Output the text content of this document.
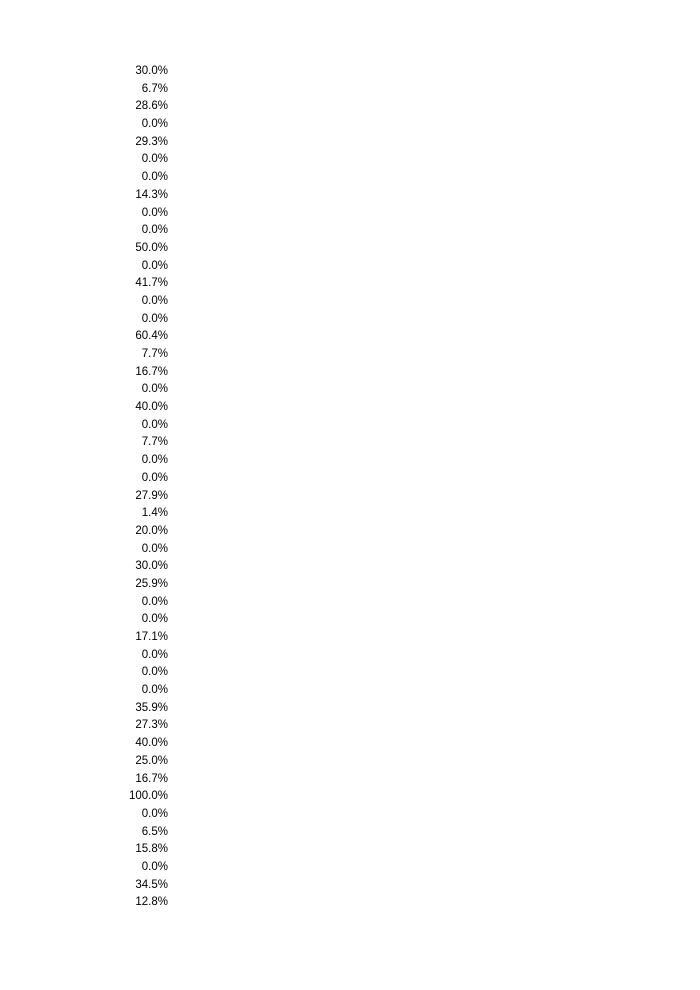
30.0%
6.7%
28.6%
0.0%
29.3%
0.0%
0.0%
14.3%
0.0%
0.0%
50.0%
0.0%
41.7%
0.0%
0.0%
60.4%
7.7%
16.7%
0.0%
40.0%
0.0%
7.7%
0.0%
0.0%
27.9%
1.4%
20.0%
0.0%
30.0%
25.9%
0.0%
0.0%
17.1%
0.0%
0.0%
0.0%
35.9%
27.3%
40.0%
25.0%
16.7%
100.0%
0.0%
6.5%
15.8%
0.0%
34.5%
12.8%
